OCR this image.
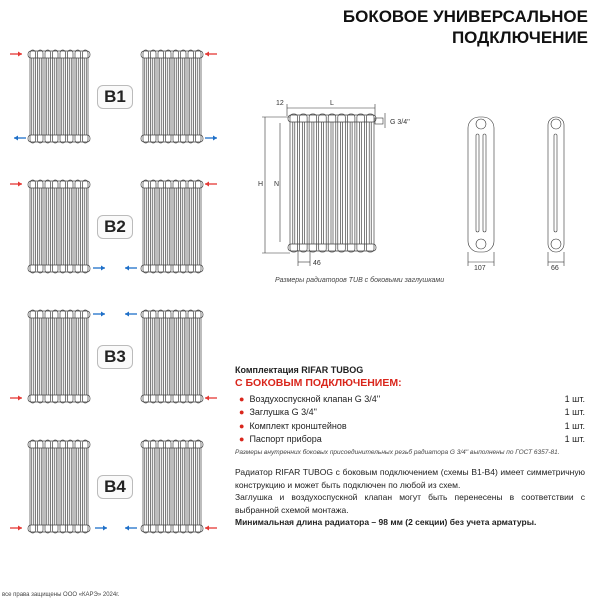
БОКОВОЕ УНИВЕРСАЛЬНОЕ
ПОДКЛЮЧЕНИЕ
B1
B2
B3
B4
12	L
G 3/4''
H N
46
107	66
Размеры радиаторов TUB с боковыми заглушками
Комплектация RIFAR TUBOG
С БОКОВЫМ ПОДКЛЮЧЕНИЕМ:
● Воздухоспускной клапан G 3/4''	1 шт.
● Заглушка G 3/4''	1 шт.
● Комплект кронштейнов	1 шт.
● Паспорт прибора	1 шт.
Размеры внутренних боковых присоединительных резьб радиатора G 3/4'' выполнены по ГОСТ 6357-81.
Радиатор RIFAR TUBOG с боковым подключением (схемы В1-В4) имеет симметричную конструкцию и может быть подключен по любой из схем.
Заглушка и воздухоспускной клапан могут быть перенесены в соответствии с выбранной схемой монтажа.
Минимальная длина радиатора – 98 мм (2 секции) без учета арматуры.
все права защищены ООО «КАРЭ» 2024г.
